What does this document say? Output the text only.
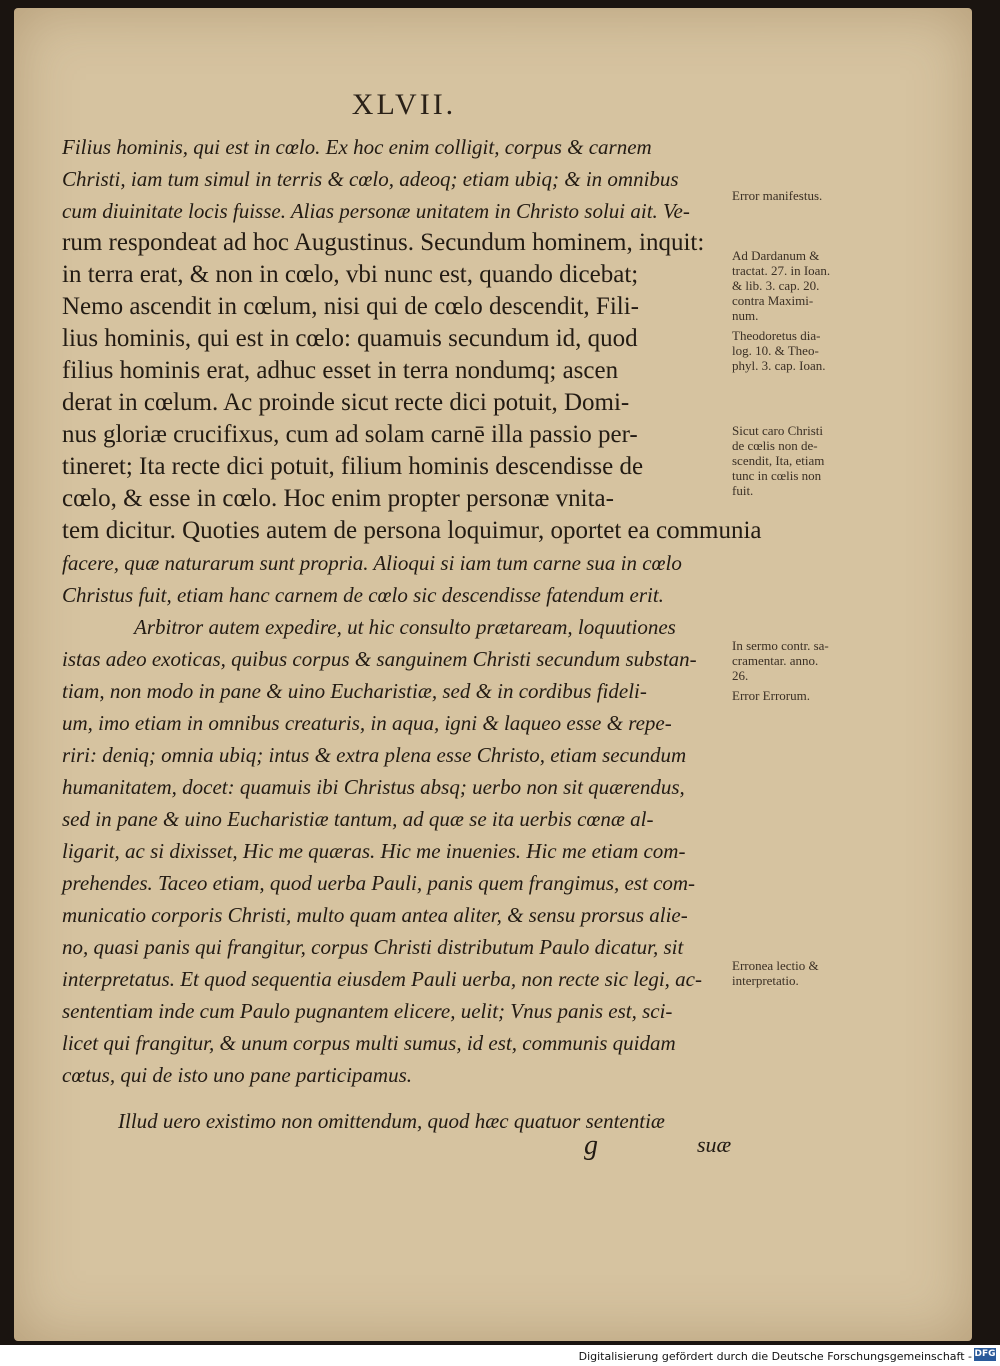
XLVII.
Filius hominis, qui est in cœlo. Ex hoc enim colligit, corpus & carnem
Christi, iam tum simul in terris & cœlo, adeoq; etiam ubiq; & in omnibus
cum diuinitate locis fuisse. Alias personæ unitatem in Christo solui ait. Ve-
rum respondeat ad hoc Augustinus. Secundum hominem, inquit:
in terra erat, & non in cœlo, vbi nunc est, quando dicebat;
Nemo ascendit in cœlum, nisi qui de cœlo descendit, Fili-
lius hominis, qui est in cœlo: quamuis secundum id, quod
filius hominis erat, adhuc esset in terra nondumq; ascen
derat in cœlum. Ac proinde sicut recte dici potuit, Domi-
nus gloriæ crucifixus, cum ad solam carnē illa passio per-
tineret; Ita recte dici potuit, filium hominis descendisse de
cœlo, & esse in cœlo. Hoc enim propter personæ vnita-
tem dicitur. Quoties autem de persona loquimur, oportet ea communia
facere, quæ naturarum sunt propria. Alioqui si iam tum carne sua in cœlo
Christus fuit, etiam hanc carnem de cœlo sic descendisse fatendum erit.
Arbitror autem expedire, ut hic consulto prætaream, loquutiones
istas adeo exoticas, quibus corpus & sanguinem Christi secundum substan-
tiam, non modo in pane & uino Eucharistiæ, sed & in cordibus fideli-
um, imo etiam in omnibus creaturis, in aqua, igni & laqueo esse & repe-
riri: deniq; omnia ubiq; intus & extra plena esse Christo, etiam secundum
humanitatem, docet: quamuis ibi Christus absq; uerbo non sit quærendus,
sed in pane & uino Eucharistiæ tantum, ad quæ se ita uerbis cœnæ al-
ligarit, ac si dixisset, Hic me quæras. Hic me inuenies. Hic me etiam com-
prehendes. Taceo etiam, quod uerba Pauli, panis quem frangimus, est com-
municatio corporis Christi, multo quam antea aliter, & sensu prorsus alie-
no, quasi panis qui frangitur, corpus Christi distributum Paulo dicatur, sit
interpretatus. Et quod sequentia eiusdem Pauli uerba, non recte sic legi, ac-
sententiam inde cum Paulo pugnantem elicere, uelit; Vnus panis est, sci-
licet qui frangitur, & unum corpus multi sumus, id est, communis quidam
cœtus, qui de isto uno pane participamus.
Illud uero existimo non omittendum, quod hæc quatuor sententiæ
Error manifestus.
Ad Dardanum &
tractat. 27. in Ioan.
& lib. 3. cap. 20.
contra Maximi-
num.
Theodoretus dia-
log. 10. & Theo-
phyl. 3. cap. Ioan.
Sicut caro Christi
de cœlis non de-
scendit, Ita, etiam
tunc in cœlis non
fuit.
In sermo contr. sa-
cramentar. anno.
26.
Error Errorum.
Erronea lectio &
interpretatio.
g	suæ
Digitalisierung gefördert durch die Deutsche Forschungsgemeinschaft - DFG
